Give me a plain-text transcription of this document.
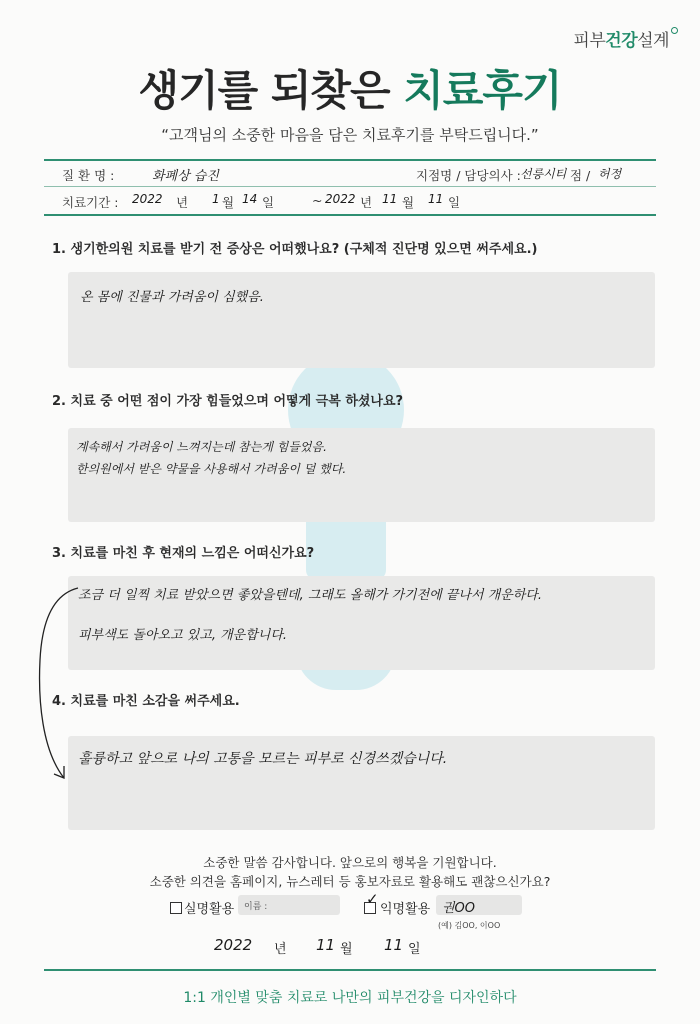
피부건강설계
생기를 되찾은 치료후기
“고객님의 소중한 마음을 담은 치료후기를 부탁드립니다.”
질 환 명 :	화폐상 습진	지점명 / 담당의사 : 선릉시티 점 / 허정
치료기간 : 2022 년 1 월 14 일	~ 2022 년 11 월 11 일
1. 생기한의원 치료를 받기 전 증상은 어떠했나요? (구체적 진단명 있으면 써주세요.)
온 몸에 진물과 가려움이 심했음.
2. 치료 중 어떤 점이 가장 힘들었으며 어떻게 극복 하셨나요?
계속해서 가려움이 느껴지는데 참는게 힘들었음.
한의원에서 받은 약물을 사용해서 가려움이 덜 했다.
3. 치료를 마친 후 현재의 느낌은 어떠신가요?
조금 더 일찍 치료 받았으면 좋았을텐데, 그래도 올해가 가기전에 끝나서 개운하다.
피부색도 돌아오고 있고, 개운합니다.
4. 치료를 마친 소감을 써주세요.
훌륭하고 앞으로 나의 고통을 모르는 피부로 신경쓰겠습니다.
소중한 말씀 감사합니다. 앞으로의 행복을 기원합니다.
소중한 의견을 홈페이지, 뉴스레터 등 홍보자료로 활용해도 괜찮으신가요?
실명활용 이름 :	✓
익명활용 권OO
(예) 김OO, 이OO
2022 년 11 월 11 일
1:1 개인별 맞춤 치료로 나만의 피부건강을 디자인하다
